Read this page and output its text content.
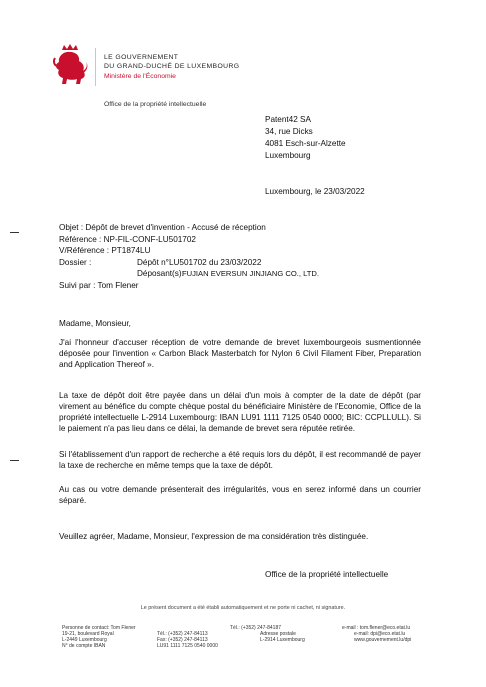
LE GOUVERNEMENT
DU GRAND-DUCHÉ DE LUXEMBOURG
Ministère de l'Économie
Office de la propriété intellectuelle
Patent42 SA
34, rue Dicks
4081 Esch-sur-Alzette
Luxembourg
Luxembourg, le 23/03/2022
Objet : Dépôt de brevet d'invention - Accusé de réception
Référence : NP-FIL-CONF-LU501702
V/Référence : PT1874LU
Dossier :	Dépôt n°LU501702 du 23/03/2022
Déposant(s):
FUJIAN EVERSUN JINJIANG CO., LTD.
Suivi par : Tom Flener
Madame, Monsieur,
J'ai l'honneur d'accuser réception de votre demande de brevet luxembourgeois susmentionnée déposée pour l'invention « Carbon Black Masterbatch for Nylon 6 Civil Filament Fiber, Preparation and Application Thereof ».
La taxe de dépôt doit être payée dans un délai d'un mois à compter de la date de dépôt (par virement au bénéfice du compte chèque postal du bénéficiaire Ministère de l'Economie, Office de la propriété intellectuelle L-2914 Luxembourg: IBAN LU91 1111 7125 0540 0000; BIC: CCPLLULL). Si le paiement n'a pas lieu dans ce délai, la demande de brevet sera réputée retirée.
Si l'établissement d'un rapport de recherche a été requis lors du dépôt, il est recommandé de payer la taxe de recherche en même temps que la taxe de dépôt.
Au cas ou votre demande présenterait des irrégularités, vous en serez informé dans un courrier séparé.
Veuillez agréer, Madame, Monsieur, l'expression de ma considération très distinguée.
Office de la propriété intellectuelle
Le présent document a été établi automatiquement et ne porte ni cachet, ni signature.
Personne de contact: Tom Flener
19-21, boulevard Royal
L-2449 Luxembourg
N° de compte IBAN
Tél.: (+352) 247-84113
Fax: (+352) 247-84113
LU91 1111 7125 0540 0000
Tél.: (+352) 247-84187
Adresse postale
L-2914 Luxembourg
e-mail : tom.flener@eco.etat.lu
e-mail: dpi@eco.etat.lu
www.gouvernement.lu/dpi
